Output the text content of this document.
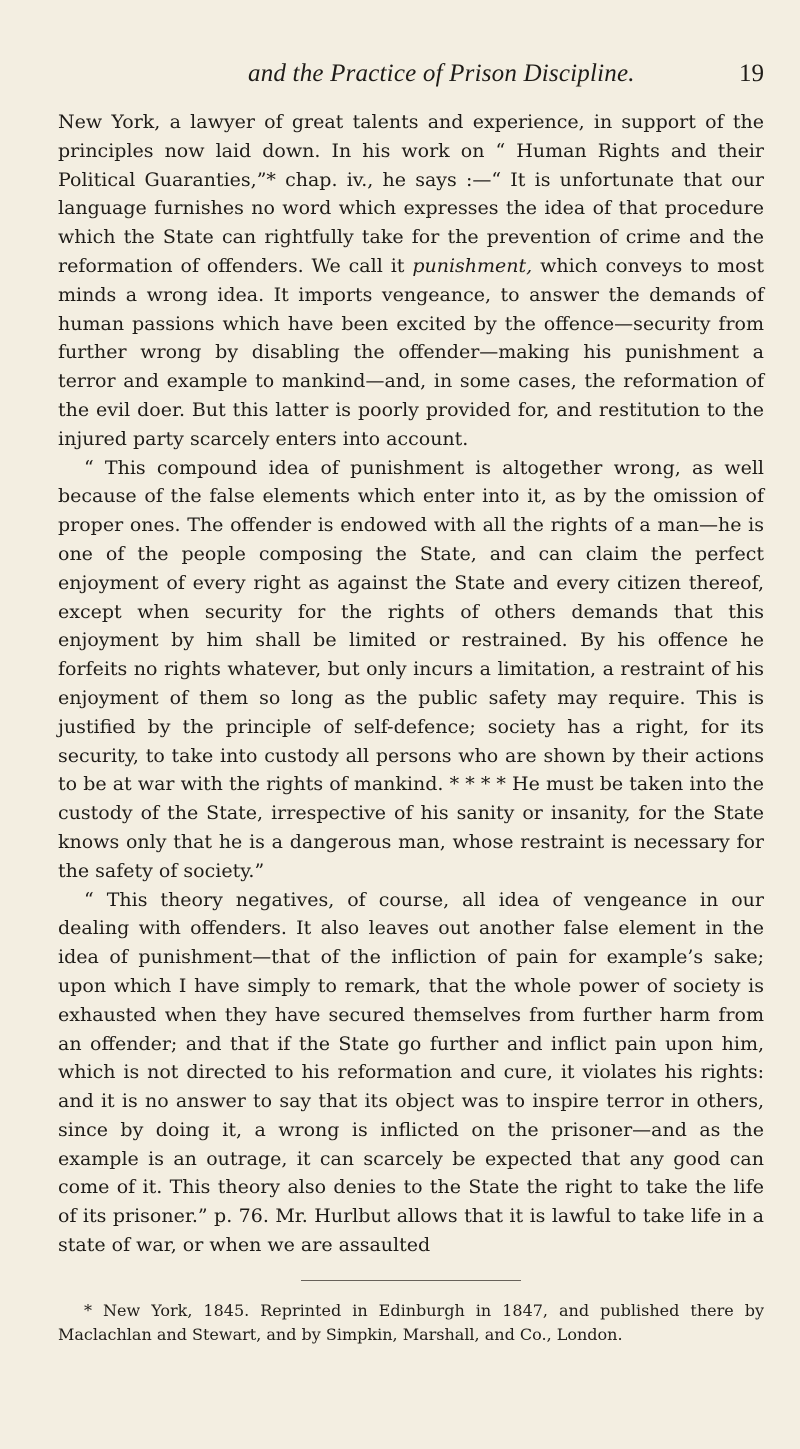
and the Practice of Prison Discipline.	19

New York, a lawyer of great talents and experience, in support of the principles now laid down. In his work on “ Human Rights and their Political Guaranties,”* chap. iv., he says :—“ It is unfortunate that our language furnishes no word which expresses the idea of that procedure which the State can rightfully take for the prevention of crime and the reformation of offenders. We call it punishment, which conveys to most minds a wrong idea. It imports vengeance, to answer the demands of human passions which have been excited by the offence—security from further wrong by disabling the offender—making his punishment a terror and example to mankind—and, in some cases, the reformation of the evil doer. But this latter is poorly provided for, and restitution to the injured party scarcely enters into account.

“ This compound idea of punishment is altogether wrong, as well because of the false elements which enter into it, as by the omission of proper ones. The offender is endowed with all the rights of a man—he is one of the people composing the State, and can claim the perfect enjoyment of every right as against the State and every citizen thereof, except when security for the rights of others demands that this enjoyment by him shall be limited or restrained. By his offence he forfeits no rights whatever, but only incurs a limitation, a restraint of his enjoyment of them so long as the public safety may require. This is justified by the principle of self-defence; society has a right, for its security, to take into custody all persons who are shown by their actions to be at war with the rights of mankind. * * * * He must be taken into the custody of the State, irrespective of his sanity or insanity, for the State knows only that he is a dangerous man, whose restraint is necessary for the safety of society.”

“ This theory negatives, of course, all idea of vengeance in our dealing with offenders. It also leaves out another false element in the idea of punishment—that of the infliction of pain for example’s sake; upon which I have simply to remark, that the whole power of society is exhausted when they have secured themselves from further harm from an offender; and that if the State go further and inflict pain upon him, which is not directed to his reformation and cure, it violates his rights: and it is no answer to say that its object was to inspire terror in others, since by doing it, a wrong is inflicted on the prisoner—and as the example is an outrage, it can scarcely be expected that any good can come of it. This theory also denies to the State the right to take the life of its prisoner.” p. 76. Mr. Hurlbut allows that it is lawful to take life in a state of war, or when we are assaulted

* New York, 1845. Reprinted in Edinburgh in 1847, and published there by Maclachlan and Stewart, and by Simpkin, Marshall, and Co., London.
